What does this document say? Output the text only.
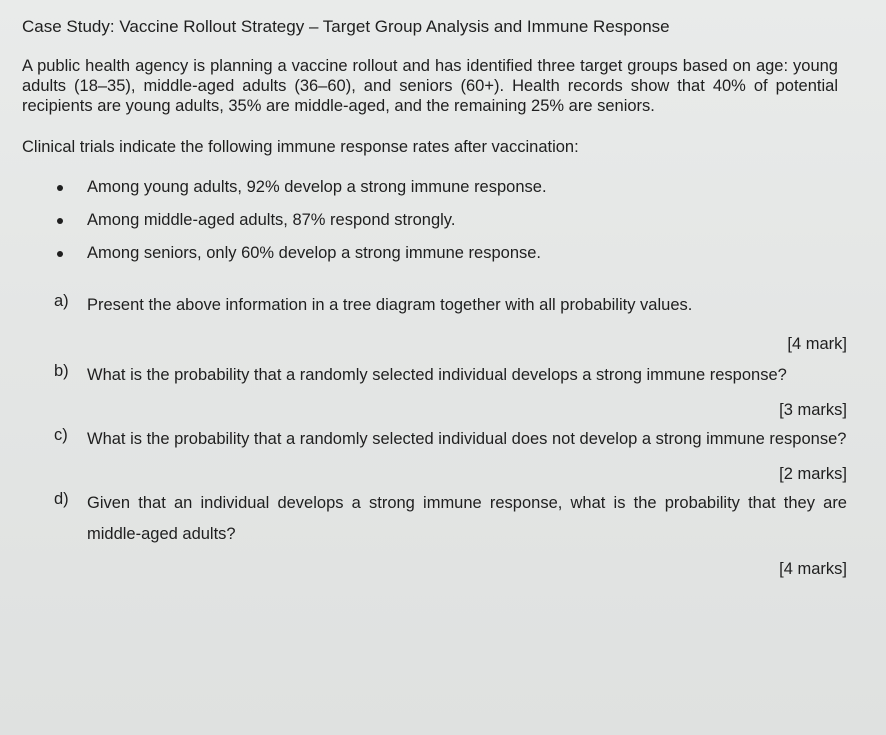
Case Study: Vaccine Rollout Strategy – Target Group Analysis and Immune Response
A public health agency is planning a vaccine rollout and has identified three target groups based on age: young adults (18–35), middle-aged adults (36–60), and seniors (60+). Health records show that 40% of potential recipients are young adults, 35% are middle-aged, and the remaining 25% are seniors.
Clinical trials indicate the following immune response rates after vaccination:
Among young adults, 92% develop a strong immune response.
Among middle-aged adults, 87% respond strongly.
Among seniors, only 60% develop a strong immune response.
a) Present the above information in a tree diagram together with all probability values.
[4 mark]
b) What is the probability that a randomly selected individual develops a strong immune response?
[3 marks]
c) What is the probability that a randomly selected individual does not develop a strong immune response?
[2 marks]
d) Given that an individual develops a strong immune response, what is the probability that they are middle-aged adults?
[4 marks]
